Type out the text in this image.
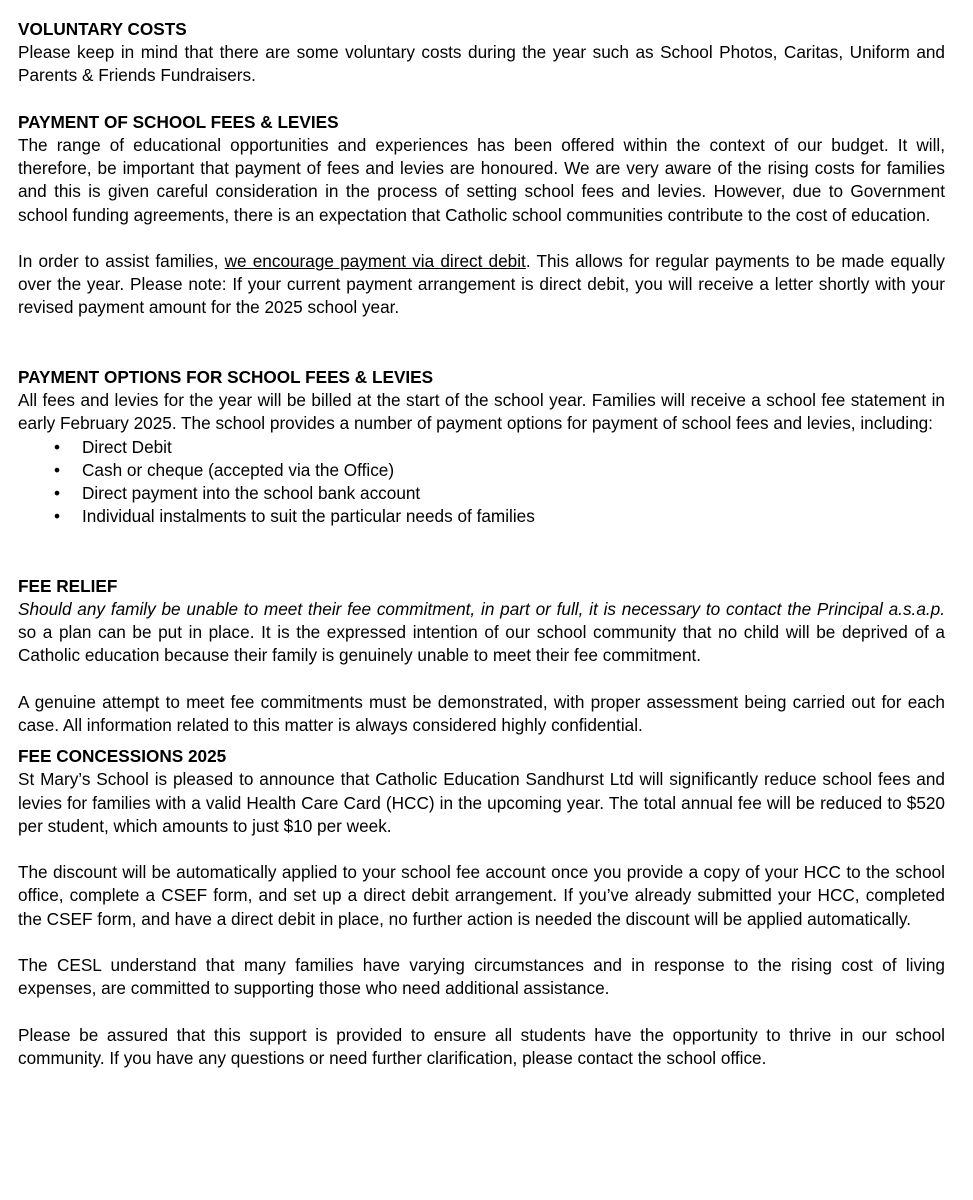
VOLUNTARY COSTS

Please keep in mind that there are some voluntary costs during the year such as School Photos, Caritas, Uniform and Parents & Friends Fundraisers.

PAYMENT OF SCHOOL FEES & LEVIES

The range of educational opportunities and experiences has been offered within the context of our budget. It will, therefore, be important that payment of fees and levies are honoured. We are very aware of the rising costs for families and this is given careful consideration in the process of setting school fees and levies. However, due to Government school funding agreements, there is an expectation that Catholic school communities contribute to the cost of education.

In order to assist families, we encourage payment via direct debit. This allows for regular payments to be made equally over the year. Please note: If your current payment arrangement is direct debit, you will receive a letter shortly with your revised payment amount for the 2025 school year.

PAYMENT OPTIONS FOR SCHOOL FEES & LEVIES

All fees and levies for the year will be billed at the start of the school year. Families will receive a school fee statement in early February 2025. The school provides a number of payment options for payment of school fees and levies, including:

• Direct Debit
• Cash or cheque (accepted via the Office)
• Direct payment into the school bank account
• Individual instalments to suit the particular needs of families
FEE RELIEF

Should any family be unable to meet their fee commitment, in part or full, it is necessary to contact the Principal a.s.a.p. so a plan can be put in place. It is the expressed intention of our school community that no child will be deprived of a Catholic education because their family is genuinely unable to meet their fee commitment.

A genuine attempt to meet fee commitments must be demonstrated, with proper assessment being carried out for each case. All information related to this matter is always considered highly confidential.

FEE CONCESSIONS 2025

St Mary’s School is pleased to announce that Catholic Education Sandhurst Ltd will significantly reduce school fees and levies for families with a valid Health Care Card (HCC) in the upcoming year. The total annual fee will be reduced to $520 per student, which amounts to just $10 per week.

The discount will be automatically applied to your school fee account once you provide a copy of your HCC to the school office, complete a CSEF form, and set up a direct debit arrangement. If you’ve already submitted your HCC, completed the CSEF form, and have a direct debit in place, no further action is needed the discount will be applied automatically.

The CESL understand that many families have varying circumstances and in response to the rising cost of living expenses, are committed to supporting those who need additional assistance.

Please be assured that this support is provided to ensure all students have the opportunity to thrive in our school community. If you have any questions or need further clarification, please contact the school office.
